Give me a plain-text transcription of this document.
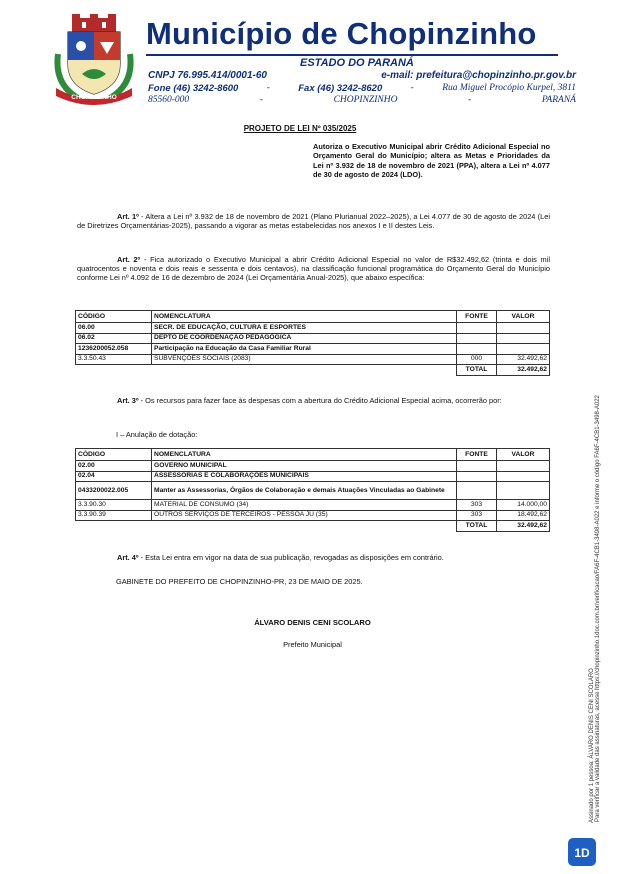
CHOPINZINHO
Município de Chopinzinho
ESTADO DO PARANÁ
CNPJ 76.995.414/0001-60	e-mail: prefeitura@chopinzinho.pr.gov.br
Fone (46) 3242-8600	-	Fax (46) 3242-8620	-	Rua Miguel Procópio Kurpel, 3811
85560-000	-	CHOPINZINHO	-	PARANÁ
PROJETO DE LEI Nº 035/2025
Autoriza o Executivo Municipal abrir Crédito Adicional Especial no Orçamento Geral do Município; altera as Metas e Prioridades da Lei nº 3.932 de 18 de novembro de 2021 (PPA), altera a Lei nº 4.077 de 30 de agosto de 2024 (LDO).
Art. 1º - Altera a Lei nº 3.932 de 18 de novembro de 2021 (Plano Plurianual 2022–2025), a Lei 4.077 de 30 de agosto de 2024 (Lei de Diretrizes Orçamentárias-2025), passando a vigorar as metas estabelecidas nos anexos I e II destes Leis.
Art. 2º - Fica autorizado o Executivo Municipal a abrir Crédito Adicional Especial no valor de R$32.492,62 (trinta e dois mil quatrocentos e noventa e dois reais e sessenta e dois centavos), na classificação funcional programática do Orçamento Geral do Município conforme Lei nº 4.092 de 16 de dezembro de 2024 (Lei Orçamentária Anual-2025), que abaixo específica:
CÓDIGO	NOMENCLATURA	FONTE	VALOR
06.00	SECR. DE EDUCAÇÃO, CULTURA E ESPORTES		
06.02	DEPTO DE COORDENAÇÃO PEDAGÓGICA		
1236200052.058	Participação na Educação da Casa Familiar Rural		
3.3.50.43	SUBVENÇÕES SOCIAIS (2083)	000	32.492,62
		TOTAL	32.492,62
Art. 3º - Os recursos para fazer face às despesas com a abertura do Crédito Adicional Especial acima, ocorrerão por:
I – Anulação de dotação:
CÓDIGO	NOMENCLATURA	FONTE	VALOR
02.00	GOVERNO MUNICIPAL		
02.04	ASSESSORIAS E COLABORAÇÕES MUNICIPAIS		
0433200022.005	Manter as Assessorias, Órgãos de Colaboração e demais Atuações Vinculadas ao Gabinete		
3.3.90.30	MATERIAL DE CONSUMO (34)	303	14.000,00
3.3.90.39	OUTROS SERVIÇOS DE TERCEIROS - PESSOA JU (35)	303	18.492,62
		TOTAL	32.492,62
Art. 4º - Esta Lei entra em vigor na data de sua publicação, revogadas as disposições em contrário.
GABINETE DO PREFEITO DE CHOPINZINHO-PR, 23 DE MAIO DE 2025.
ÁLVARO DENIS CENI SCOLARO
Prefeito Municipal
Assinado por 1 pessoa: ÁLVARO DENIS CENI SCOLARO Para verificar a validade das assinaturas, acesse https://chopinzinho.1doc.com.br/verificacao/FA6F-4CB1-3498-A022 e informe o código FA6F-4CB1-3498-A022
1D
